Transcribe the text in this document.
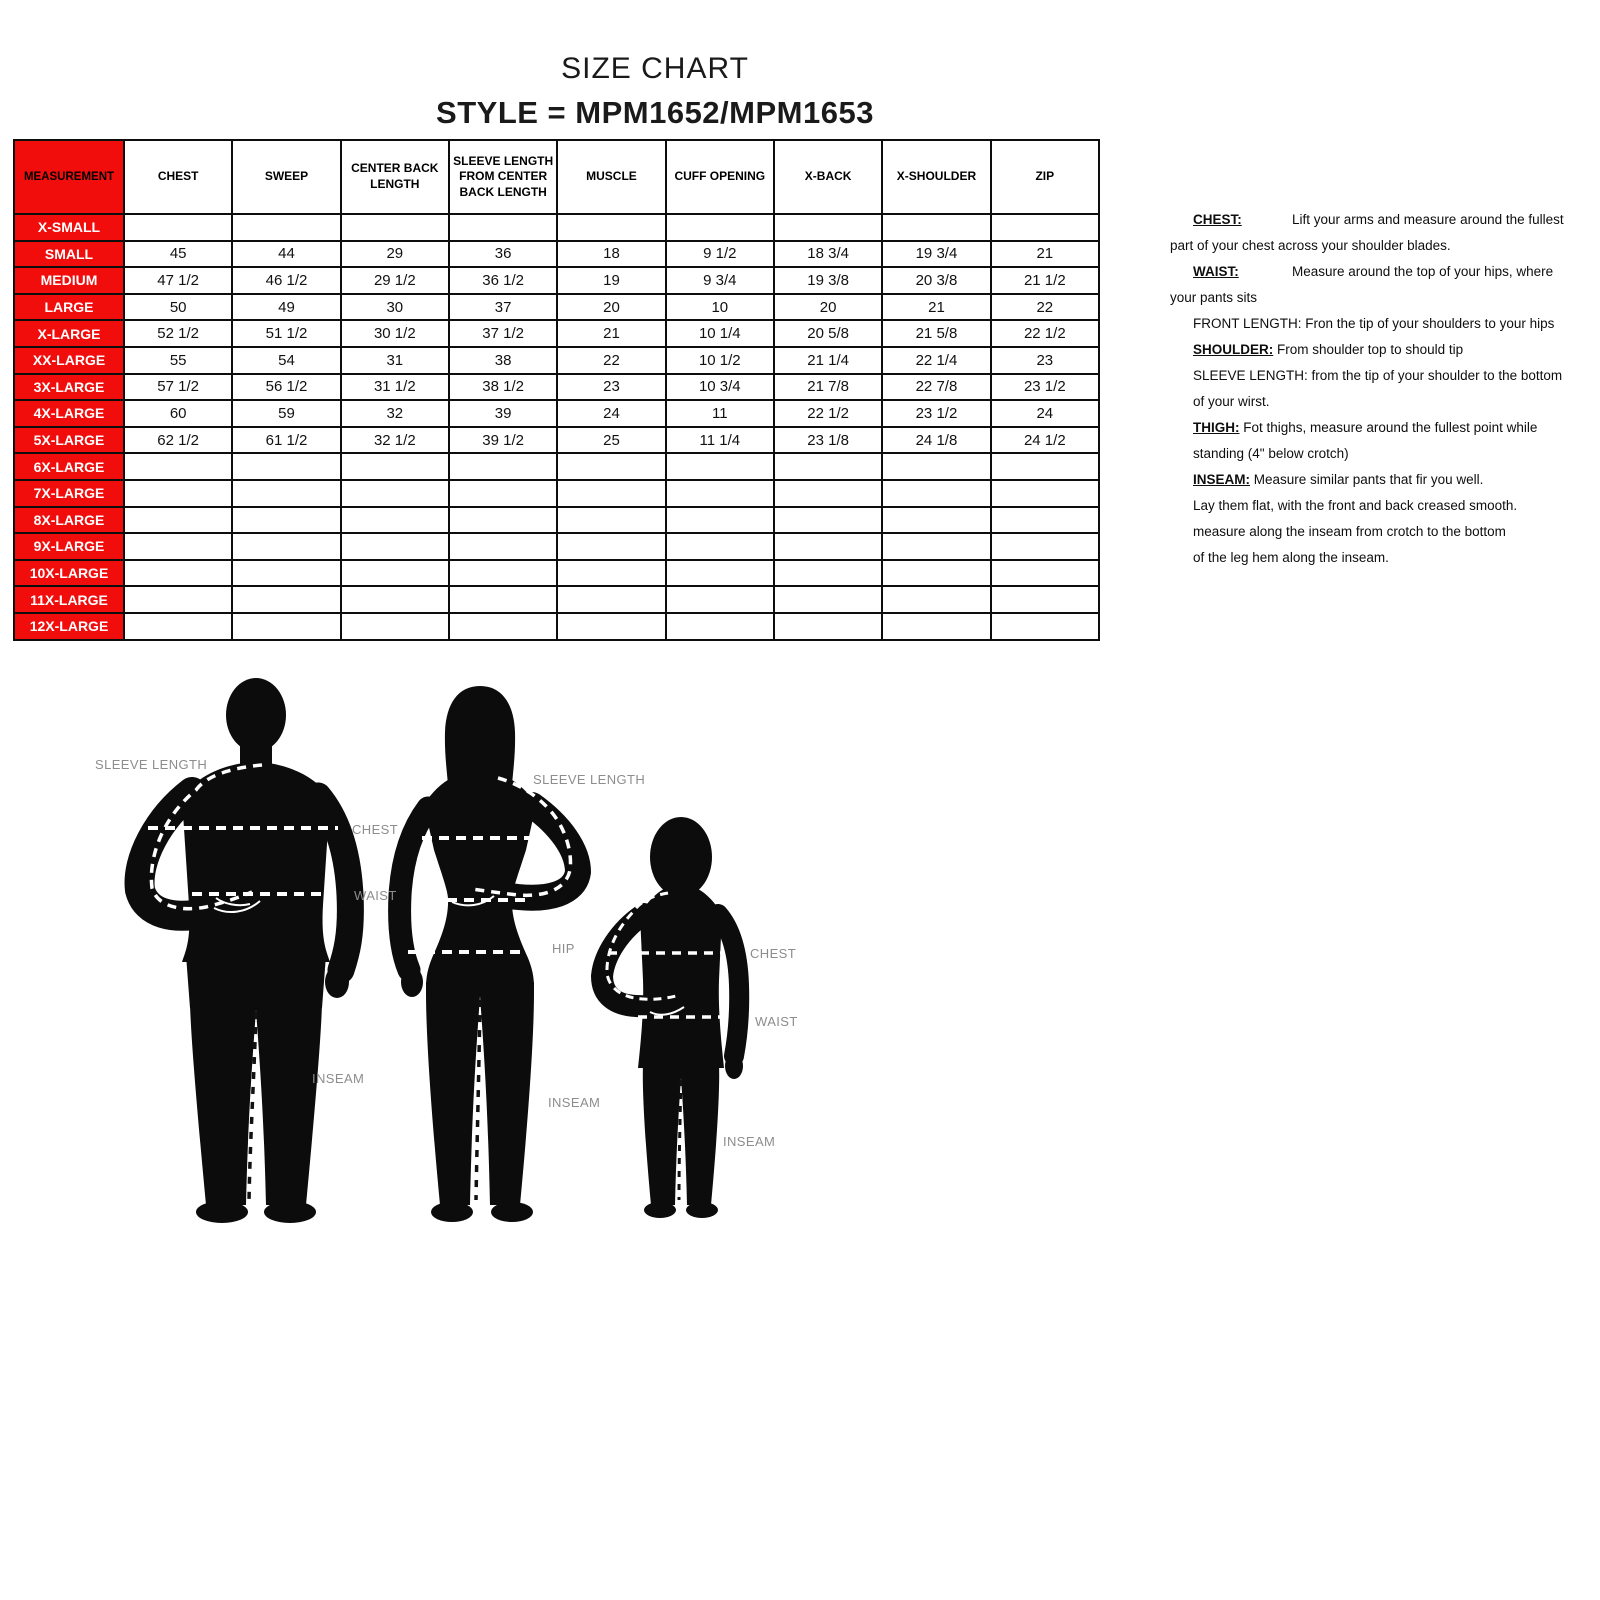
SIZE CHART
STYLE = MPM1652/MPM1653
MEASUREMENT	CHEST	SWEEP	CENTER BACK LENGTH	SLEEVE LENGTH FROM CENTER BACK LENGTH	MUSCLE	CUFF OPENING	X-BACK	X-SHOULDER	ZIP
X-SMALL									
SMALL	45	44	29	36	18	9 1/2	18 3/4	19 3/4	21
MEDIUM	47 1/2	46 1/2	29 1/2	36 1/2	19	9 3/4	19 3/8	20 3/8	21 1/2
LARGE	50	49	30	37	20	10	20	21	22
X-LARGE	52 1/2	51 1/2	30 1/2	37 1/2	21	10 1/4	20 5/8	21 5/8	22 1/2
XX-LARGE	55	54	31	38	22	10 1/2	21 1/4	22 1/4	23
3X-LARGE	57 1/2	56 1/2	31 1/2	38 1/2	23	10 3/4	21 7/8	22 7/8	23 1/2
4X-LARGE	60	59	32	39	24	11	22 1/2	23 1/2	24
5X-LARGE	62 1/2	61 1/2	32 1/2	39 1/2	25	11 1/4	23 1/8	24 1/8	24 1/2
6X-LARGE									
7X-LARGE									
8X-LARGE									
9X-LARGE									
10X-LARGE									
11X-LARGE									
12X-LARGE									
CHEST:	Lift your arms and measure around the fullest
part of your chest across your shoulder blades.
WAIST:	Measure around the top of your hips, where
your pants sits
FRONT LENGTH: Fron the tip of your shoulders to your hips
SHOULDER: From shoulder top to should tip
SLEEVE LENGTH: from the tip of your shoulder to the bottom
of your wirst.
THIGH: Fot thighs, measure around the fullest point while
standing (4" below crotch)
INSEAM: Measure similar pants that fir you well.
Lay them flat, with the front and back creased smooth.
measure along the inseam from crotch to the bottom
of the leg hem along the inseam.
SLEEVE LENGTH
CHEST
WAIST
INSEAM
SLEEVE LENGTH
HIP
INSEAM
CHEST
WAIST
INSEAM
